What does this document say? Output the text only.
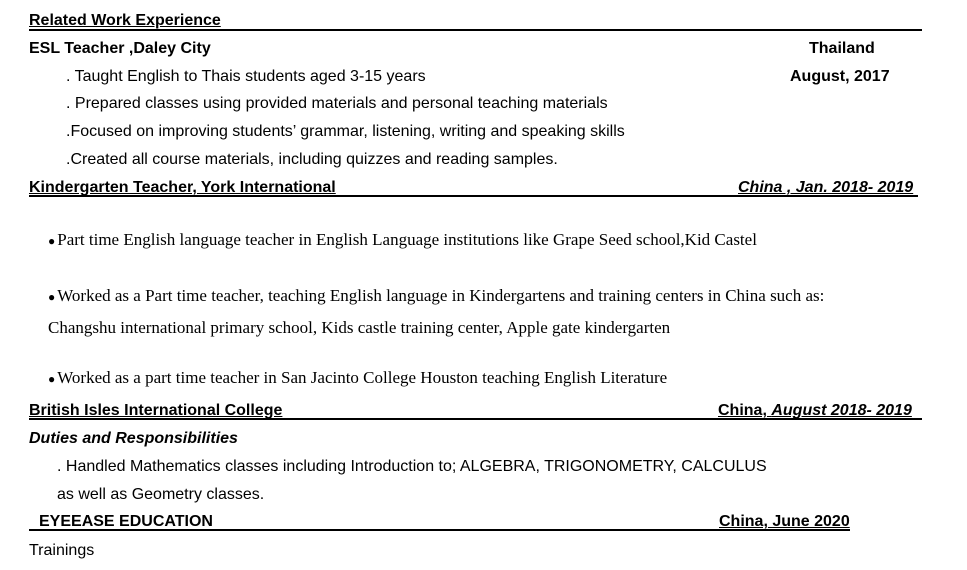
Related Work Experience
ESL Teacher ,Daley City	Thailand
August, 2017
. Taught English to Thais students aged 3-15 years
. Prepared classes using provided materials and personal teaching materials
.Focused on improving students’ grammar, listening, writing and speaking skills
.Created all course materials, including quizzes and reading samples.
Kindergarten Teacher, York International	China , Jan. 2018- 2019
● Part time English language teacher in English Language institutions like Grape Seed school,Kid Castel
● Worked as a Part time teacher, teaching English language in Kindergartens and training centers in China such as:
Changshu international primary school, Kids castle training center, Apple gate kindergarten
● Worked as a part time teacher in San Jacinto College Houston teaching English Literature
British Isles International College	China, August 2018- 2019
Duties and Responsibilities
. Handled Mathematics classes including Introduction to; ALGEBRA, TRIGONOMETRY, CALCULUS
as well as Geometry classes.
EYEEASE EDUCATION	China, June 2020
Trainings
